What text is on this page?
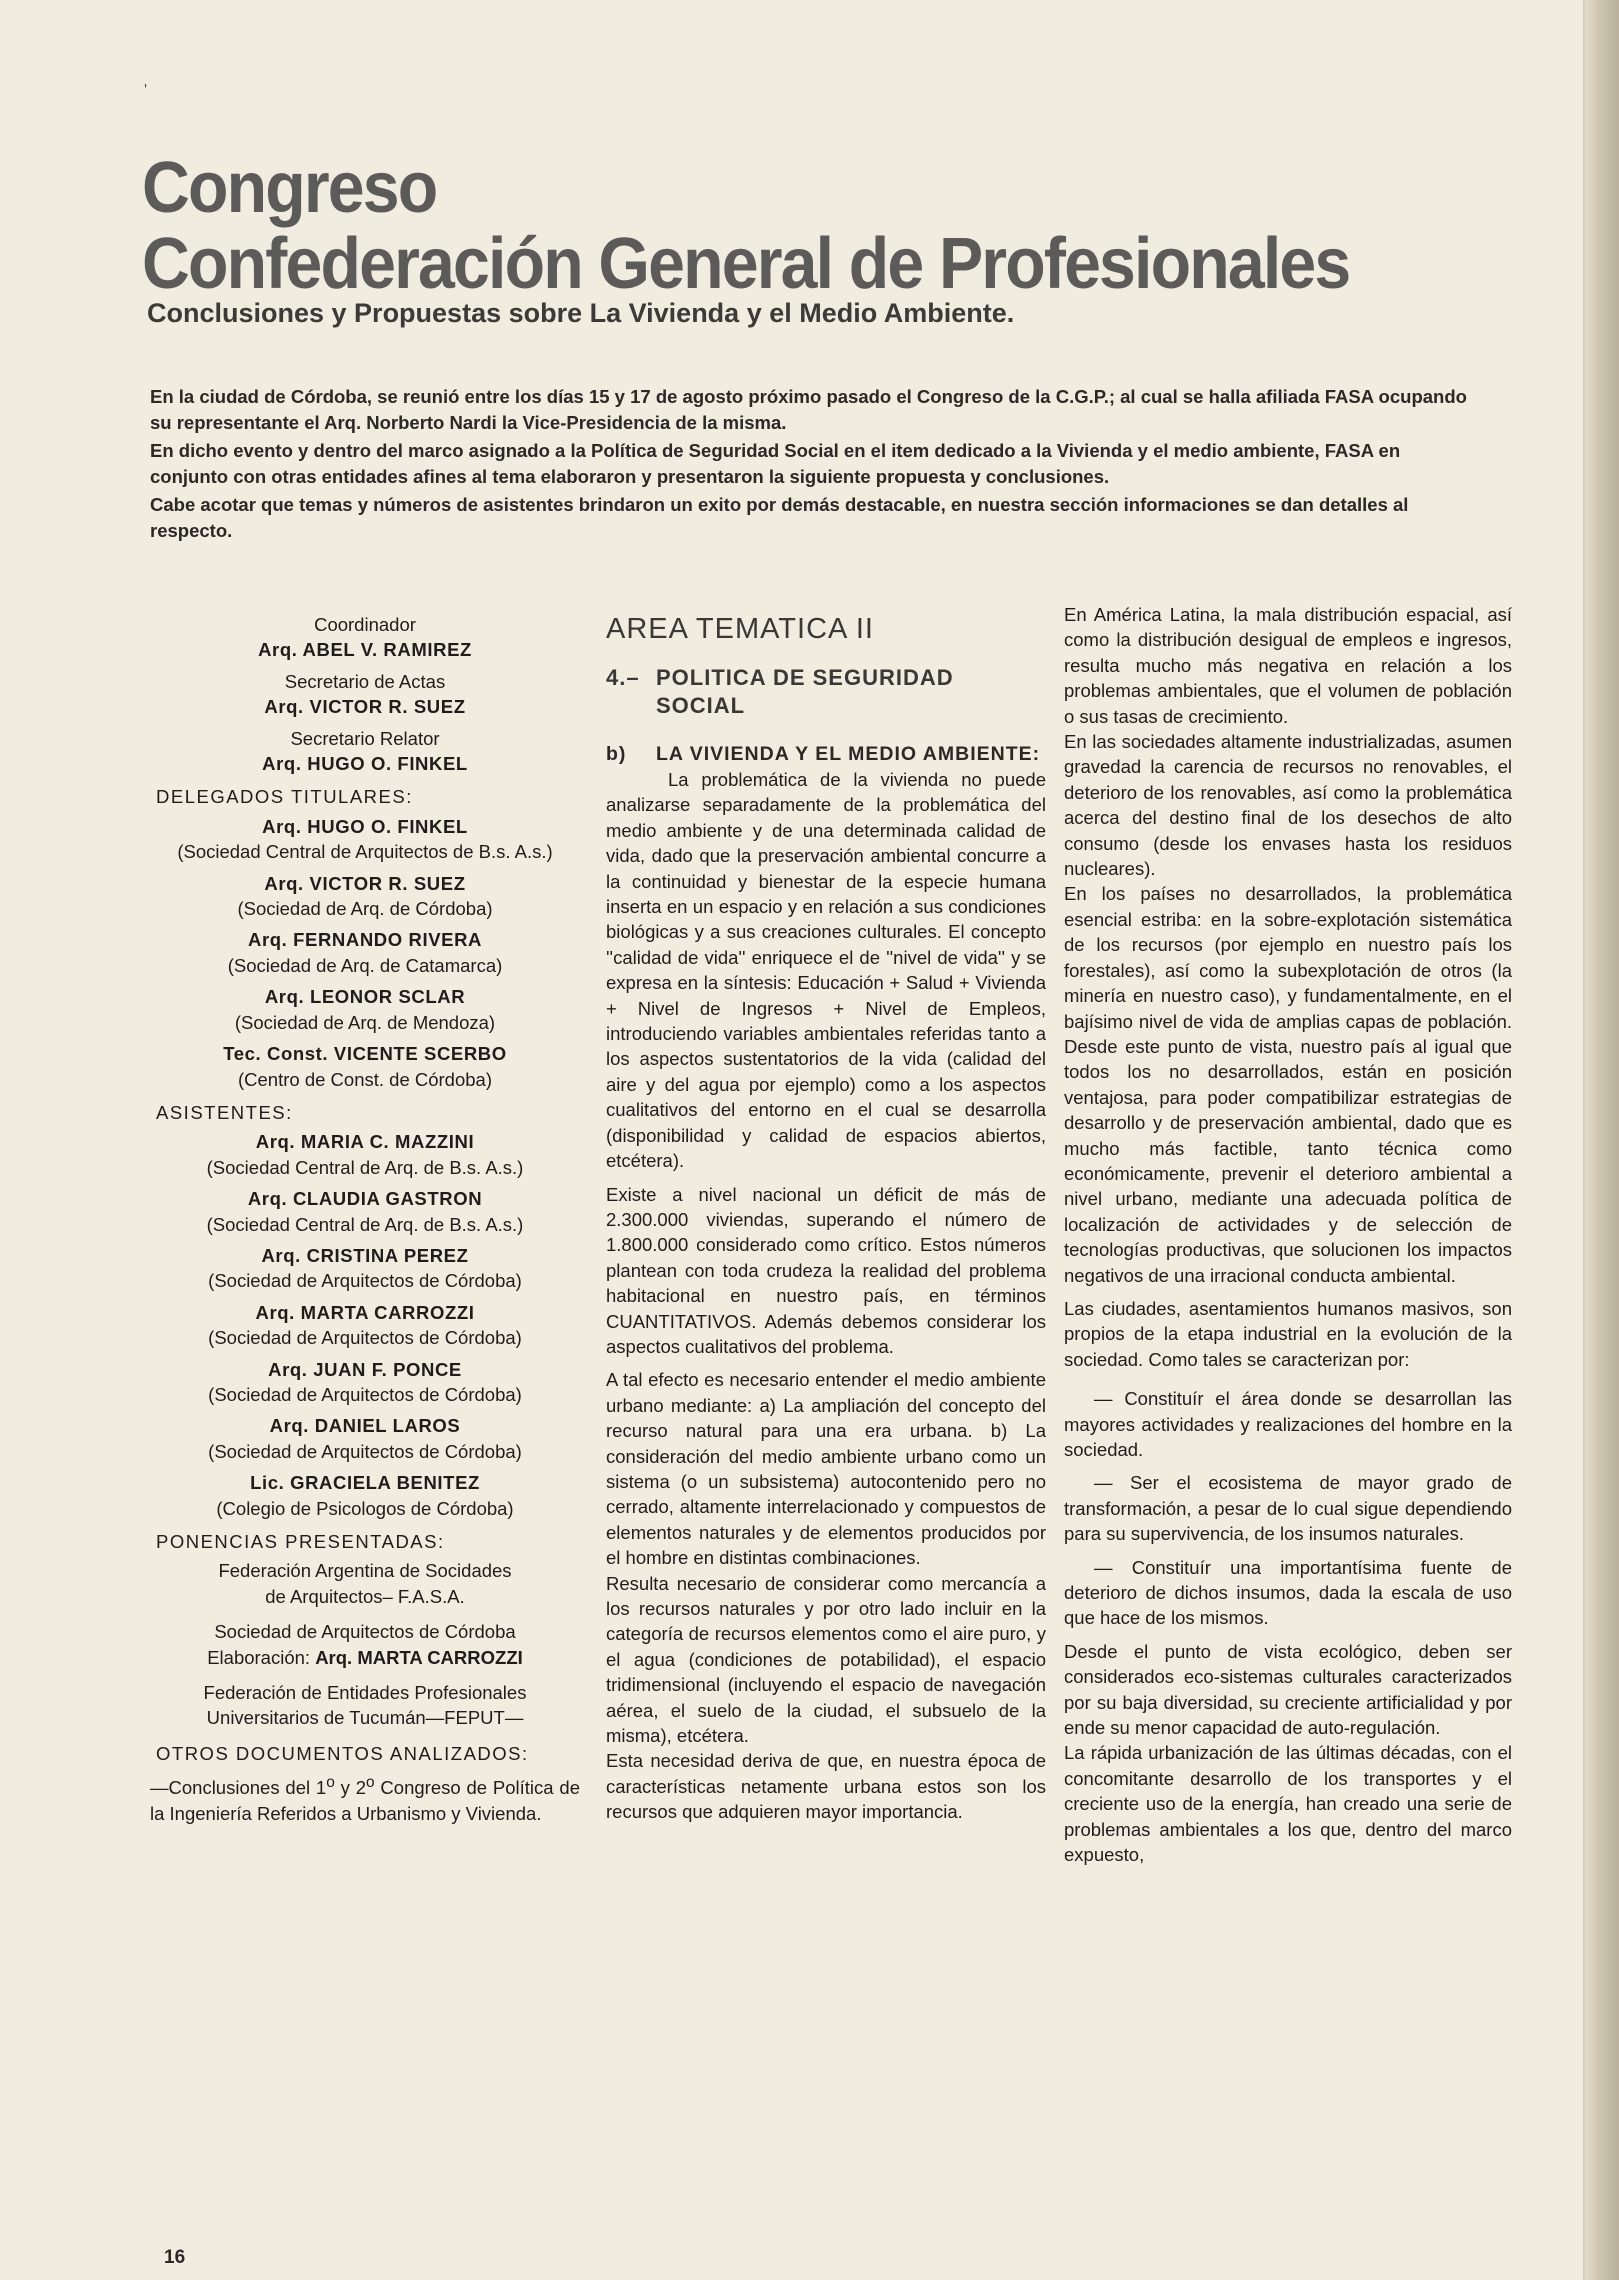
'
Congreso
Confederación General de Profesionales
Conclusiones y Propuestas sobre La Vivienda y el Medio Ambiente.

En la ciudad de Córdoba, se reunió entre los días 15 y 17 de agosto próximo pasado el Congreso de la C.G.P.; al cual se halla afiliada FASA ocupando su representante el Arq. Norberto Nardi la Vice-Presidencia de la misma.

En dicho evento y dentro del marco asignado a la Política de Seguridad Social en el item dedicado a la Vivienda y el medio ambiente, FASA en conjunto con otras entidades afines al tema elaboraron y presentaron la siguiente propuesta y conclusiones.

Cabe acotar que temas y números de asistentes brindaron un exito por demás destacable, en nuestra sección informaciones se dan detalles al respecto.

Coordinador

Arq. ABEL V. RAMIREZ

Secretario de Actas

Arq. VICTOR R. SUEZ

Secretario Relator

Arq. HUGO O. FINKEL

DELEGADOS TITULARES:

Arq. HUGO O. FINKEL

(Sociedad Central de Arquitectos de B.s. A.s.)

Arq. VICTOR R. SUEZ

(Sociedad de Arq. de Córdoba)

Arq. FERNANDO RIVERA

(Sociedad de Arq. de Catamarca)

Arq. LEONOR SCLAR

(Sociedad de Arq. de Mendoza)

Tec. Const. VICENTE SCERBO

(Centro de Const. de Córdoba)

ASISTENTES:

Arq. MARIA C. MAZZINI

(Sociedad Central de Arq. de B.s. A.s.)

Arq. CLAUDIA GASTRON

(Sociedad Central de Arq. de B.s. A.s.)

Arq. CRISTINA PEREZ

(Sociedad de Arquitectos de Córdoba)

Arq. MARTA CARROZZI

(Sociedad de Arquitectos de Córdoba)

Arq. JUAN F. PONCE

(Sociedad de Arquitectos de Córdoba)

Arq. DANIEL LAROS

(Sociedad de Arquitectos de Córdoba)

Lic. GRACIELA BENITEZ

(Colegio de Psicologos de Córdoba)

PONENCIAS PRESENTADAS:

Federación Argentina de Socidades
de Arquitectos– F.A.S.A.

Sociedad de Arquitectos de Córdoba
Elaboración: Arq. MARTA CARROZZI

Federación de Entidades Profesionales
Universitarios de Tucumán—FEPUT—

OTROS DOCUMENTOS ANALIZADOS:

—Conclusiones del 1$^o$ y 2$^o$ Congreso de Política de la Ingeniería Referidos a Urbanismo y Vivienda.

AREA TEMATICA II
4.– POLITICA DE SEGURIDAD SOCIAL
b)	LA VIVIENDA Y EL MEDIO AMBIENTE:

La problemática de la vivienda no puede analizarse separadamente de la problemática del medio ambiente y de una determinada calidad de vida, dado que la preservación ambiental concurre a la continuidad y bienestar de la especie humana inserta en un espacio y en relación a sus condiciones biológicas y a sus creaciones culturales. El concepto ''calidad de vida'' enriquece el de ''nivel de vida'' y se expresa en la síntesis: Educación + Salud + Vivienda + Nivel de Ingresos + Nivel de Empleos, introduciendo variables ambientales referidas tanto a los aspectos sustentatorios de la vida (calidad del aire y del agua por ejemplo) como a los aspectos cualitativos del entorno en el cual se desarrolla (disponibilidad y calidad de espacios abiertos, etcétera).

Existe a nivel nacional un déficit de más de 2.300.000 viviendas, superando el número de 1.800.000 considerado como crítico. Estos números plantean con toda crudeza la realidad del problema habitacional en nuestro país, en términos CUANTITATIVOS. Además debemos considerar los aspectos cualitativos del problema.

A tal efecto es necesario entender el medio ambiente urbano mediante: a) La ampliación del concepto del recurso natural para una era urbana. b) La consideración del medio ambiente urbano como un sistema (o un subsistema) autocontenido pero no cerrado, altamente interrelacionado y compuestos de elementos naturales y de elementos producidos por el hombre en distintas combinaciones.

Resulta necesario de considerar como mercancía a los recursos naturales y por otro lado incluir en la categoría de recursos elementos como el aire puro, y el agua (condiciones de potabilidad), el espacio tridimensional (incluyendo el espacio de navegación aérea, el suelo de la ciudad, el subsuelo de la misma), etcétera.

Esta necesidad deriva de que, en nuestra época de características netamente urbana estos son los recursos que adquieren mayor importancia.

En América Latina, la mala distribución espacial, así como la distribución desigual de empleos e ingresos, resulta mucho más negativa en relación a los problemas ambientales, que el volumen de población o sus tasas de crecimiento.

En las sociedades altamente industrializadas, asumen gravedad la carencia de recursos no renovables, el deterioro de los renovables, así como la problemática acerca del destino final de los desechos de alto consumo (desde los envases hasta los residuos nucleares).

En los países no desarrollados, la problemática esencial estriba: en la sobre-explotación sistemática de los recursos (por ejemplo en nuestro país los forestales), así como la subexplotación de otros (la minería en nuestro caso), y fundamentalmente, en el bajísimo nivel de vida de amplias capas de población. Desde este punto de vista, nuestro país al igual que todos los no desarrollados, están en posición ventajosa, para poder compatibilizar estrategias de desarrollo y de preservación ambiental, dado que es mucho más factible, tanto técnica como económicamente, prevenir el deterioro ambiental a nivel urbano, mediante una adecuada política de localización de actividades y de selección de tecnologías productivas, que solucionen los impactos negativos de una irracional conducta ambiental.

Las ciudades, asentamientos humanos masivos, son propios de la etapa industrial en la evolución de la sociedad. Como tales se caracterizan por:

— Constituír el área donde se desarrollan las mayores actividades y realizaciones del hombre en la sociedad.

— Ser el ecosistema de mayor grado de transformación, a pesar de lo cual sigue dependiendo para su supervivencia, de los insumos naturales.

— Constituír una importantísima fuente de deterioro de dichos insumos, dada la escala de uso que hace de los mismos.

Desde el punto de vista ecológico, deben ser considerados eco-sistemas culturales caracterizados por su baja diversidad, su creciente artificialidad y por ende su menor capacidad de auto-regulación.

La rápida urbanización de las últimas décadas, con el concomitante desarrollo de los transportes y el creciente uso de la energía, han creado una serie de problemas ambientales a los que, dentro del marco expuesto,

16
